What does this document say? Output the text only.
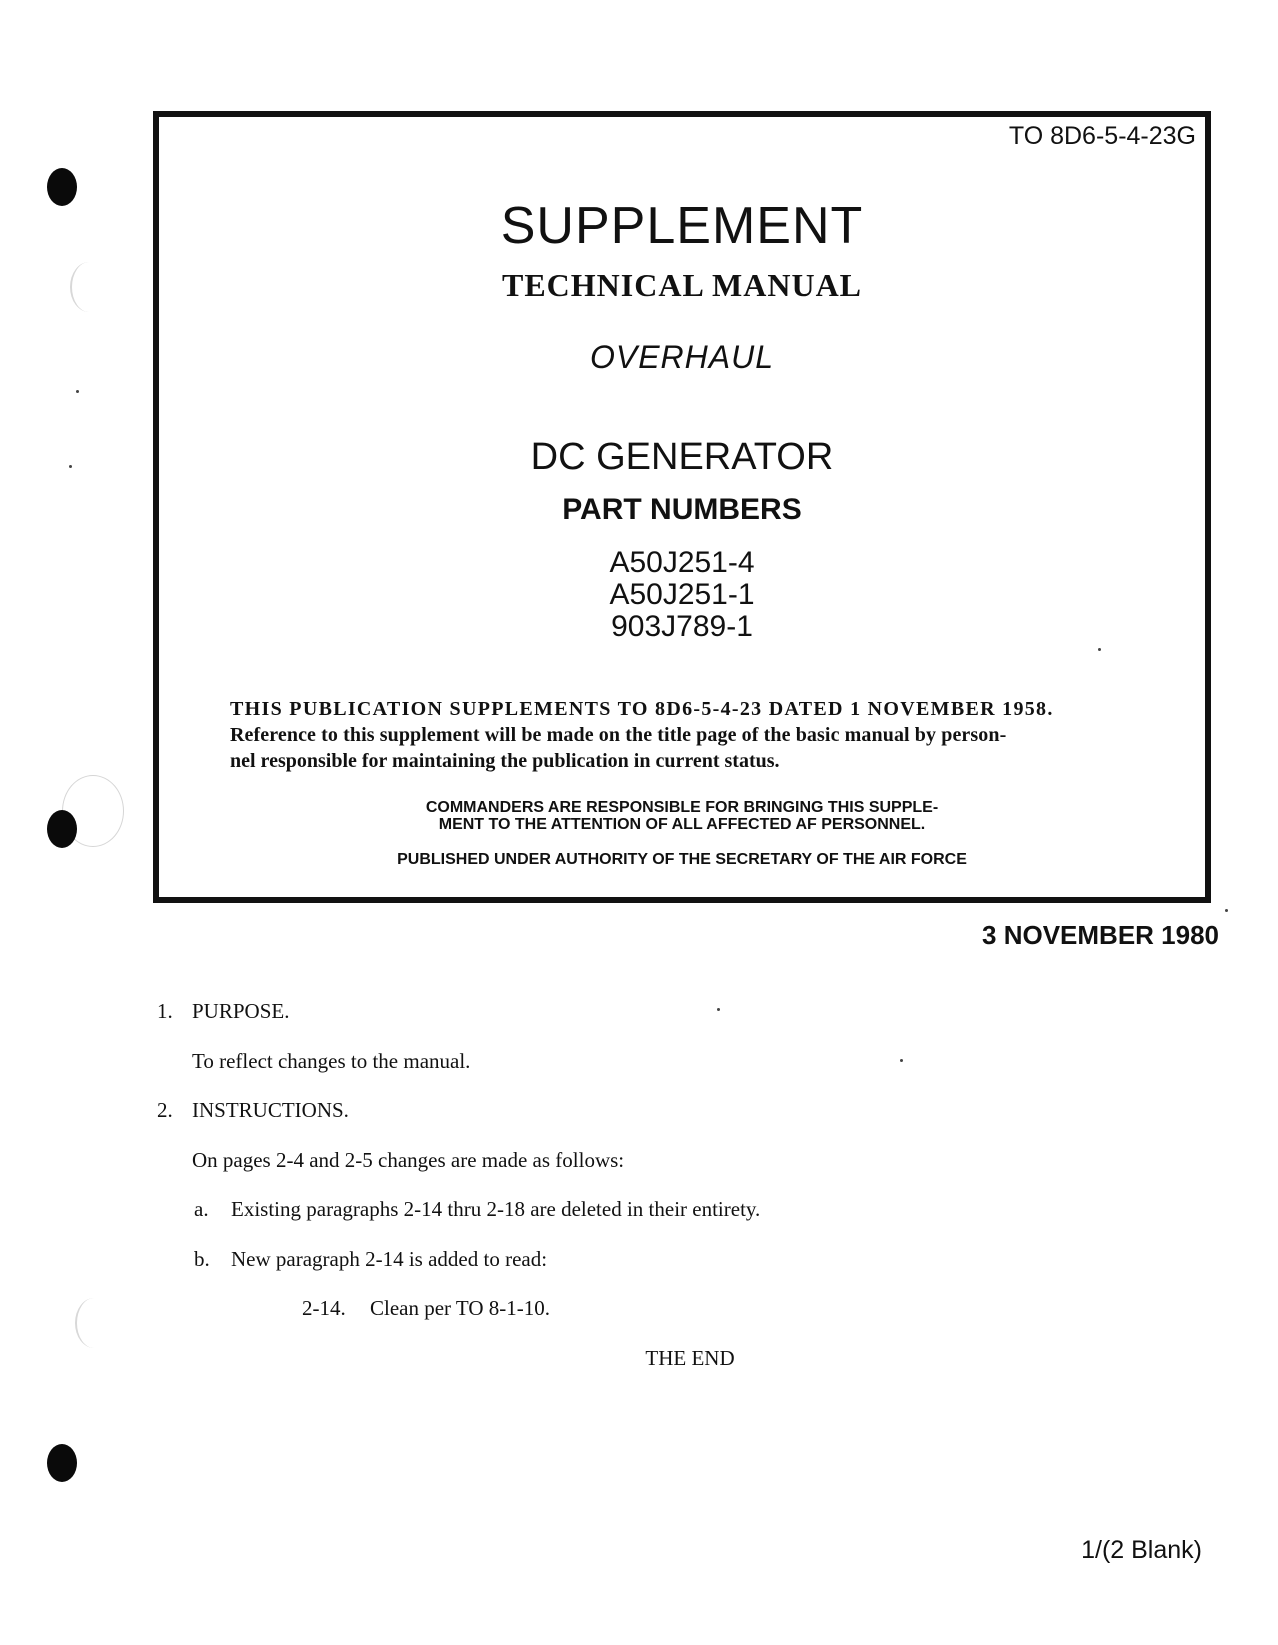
TO 8D6-5-4-23G
SUPPLEMENT
TECHNICAL MANUAL
OVERHAUL
DC GENERATOR
PART NUMBERS
A50J251-4
A50J251-1
903J789-1
THIS PUBLICATION SUPPLEMENTS TO 8D6-5-4-23 DATED 1 NOVEMBER 1958.
Reference to this supplement will be made on the title page of the basic manual by person-
nel responsible for maintaining the publication in current status.
COMMANDERS ARE RESPONSIBLE FOR BRINGING THIS SUPPLE-
MENT TO THE ATTENTION OF ALL AFFECTED AF PERSONNEL.
PUBLISHED UNDER AUTHORITY OF THE SECRETARY OF THE AIR FORCE
3 NOVEMBER 1980
1. PURPOSE.
To reflect changes to the manual.
2. INSTRUCTIONS.
On pages 2-4 and 2-5 changes are made as follows:
a. Existing paragraphs 2-14 thru 2-18 are deleted in their entirety.
b. New paragraph 2-14 is added to read:
2-14. Clean per TO 8-1-10.
THE END
1/(2 Blank)
